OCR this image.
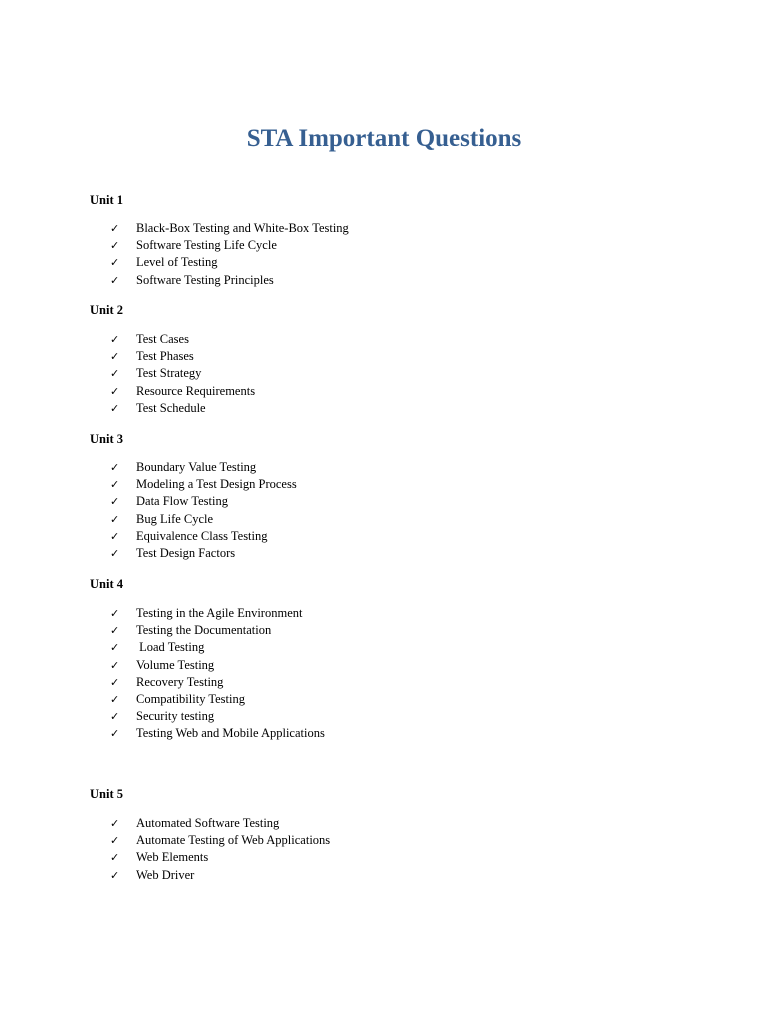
STA Important Questions
Unit 1
✓	Black-Box Testing and White-Box Testing
✓	Software Testing Life Cycle
✓	Level of Testing
✓	Software Testing Principles
Unit 2
✓	Test Cases
✓	Test Phases
✓	Test Strategy
✓	Resource Requirements
✓	Test Schedule
Unit 3
✓	Boundary Value Testing
✓	Modeling a Test Design Process
✓	Data Flow Testing
✓	Bug Life Cycle
✓	Equivalence Class Testing
✓	Test Design Factors
Unit 4
✓	Testing in the Agile Environment
✓	Testing the Documentation
✓	Load Testing
✓	Volume Testing
✓	Recovery Testing
✓	Compatibility Testing
✓	Security testing
✓	Testing Web and Mobile Applications
Unit 5
✓	Automated Software Testing
✓	Automate Testing of Web Applications
✓	Web Elements
✓	Web Driver
